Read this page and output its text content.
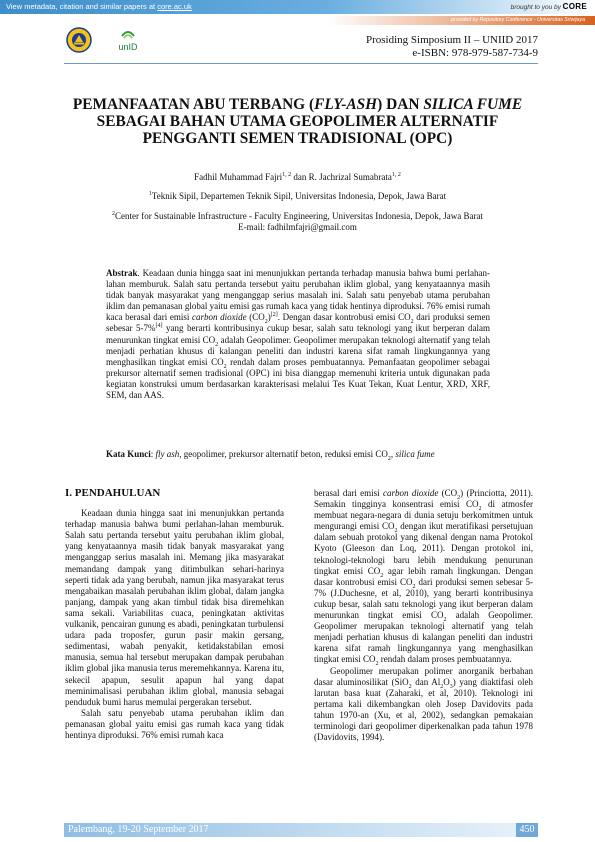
View metadata, citation and similar papers at core.ac.uk	brought to you by CORE
provided by Repository Conference - Universitas Sriwijaya
unID
Prosiding Simposium II – UNIID 2017
e-ISBN: 978-979-587-734-9
PEMANFAATAN ABU TERBANG (FLY-ASH) DAN SILICA FUME
SEBAGAI BAHAN UTAMA GEOPOLIMER ALTERNATIF
PENGGANTI SEMEN TRADISIONAL (OPC)
Fadhil Muhammad Fajri$^{1, 2}$ dan R. Jachrizal Sumabrata$^{1, 2}$
$^1$Teknik Sipil, Departemen Teknik Sipil, Universitas Indonesia, Depok, Jawa Barat
$^2$Center for Sustainable Infrastructure - Faculty Engineering, Universitas Indonesia, Depok, Jawa Barat
E-mail: fadhilmfajri@gmail.com
Abstrak. Keadaan dunia hingga saat ini menunjukkan pertanda terhadap manusia bahwa bumi perlahan-lahan memburuk. Salah satu pertanda tersebut yaitu perubahan iklim global, yang kenyataannya masih tidak banyak masyarakat yang menganggap serius masalah ini. Salah satu penyebab utama perubahan iklim dan pemanasan global yaitu emisi gas rumah kaca yang tidak hentinya diproduksi. 76% emisi rumah kaca berasal dari emisi carbon dioxide $(CO_2)[2]$. Dengan dasar kontrobusi emisi $CO_2$ dari produksi semen sebesar 5-7%[4] yang berarti kontribusinya cukup besar, salah satu teknologi yang ikut berperan dalam menurunkan tingkat emisi $CO_2$ adalah Geopolimer. Geopolimer merupakan teknologi alternatif yang telah menjadi perhatian khusus di kalangan peneliti dan industri karena sifat ramah lingkungannya yang menghasilkan tingkat emisi $CO_2$ rendah dalam proses pembuatannya. Pemanfaatan geopolimer sebagai prekursor alternatif semen tradisional (OPC) ini bisa dianggap memenuhi kriteria untuk digunakan pada kegiatan konstruksi umum berdasarkan karakterisasi melalui Tes Kuat Tekan, Kuat Lentur, XRD, XRF, SEM, dan AAS.
Kata Kunci: fly ash, geopolimer, prekursor alternatif beton, reduksi emisi $CO_2$, silica fume
I. PENDAHULUAN

Keadaan dunia hingga saat ini menunjukkan pertanda terhadap manusia bahwa bumi perlahan-lahan memburuk. Salah satu pertanda tersebut yaitu perubahan iklim global, yang kenyataannya masih tidak banyak masyarakat yang menganggap serius masalah ini. Memang jika masyarakat memandang dampak yang ditimbulkan sehari-harinya seperti tidak ada yang berubah, namun jika masyarakat terus mengabaikan masalah perubahan iklim global, dalam jangka panjang, dampak yang akan timbul tidak bisa diremehkan sama sekali. Variabilitas cuaca, peningkatan aktivitas vulkanik, pencairan gunung es abadi, peningkatan turbulensi udara pada troposfer, gurun pasir makin gersang, sedimentasi, wabah penyakit, ketidakstabilan emosi manusia, semua hal tersebut merupakan dampak perubahan iklim global jika manusia terus meremehkannya. Karena itu, sekecil apapun, sesulit apapun hal yang dapat meminimalisasi perubahan iklim global, manusia sebagai penduduk bumi harus memulai pergerakan tersebut.

Salah satu penyebab utama perubahan iklim dan pemanasan global yaitu emisi gas rumah kaca yang tidak hentinya diproduksi. 76% emisi rumah kaca

berasal dari emisi carbon dioxide $(CO_2)$ (Princiotta, 2011). Semakin tingginya konsentrasi emisi $CO_2$ di atmosfer membuat negara-negara di dunia setuju berkomitmen untuk mengurangi emisi $CO_2$ dengan ikut meratifikasi persetujuan dalam sebuah protokol yang dikenal dengan nama Protokol Kyoto (Gleeson dan Loq, 2011). Dengan protokol ini, teknologi-teknologi baru lebih mendukung penurunan tingkat emisi $CO_2$ agar lebih ramah lingkungan. Dengan dasar kontrobusi emisi $CO_2$ dari produksi semen sebesar 5-7% (J.Duchesne, et al, 2010), yang berarti kontribusinya cukup besar, salah satu teknologi yang ikut berperan dalam menurunkan tingkat emisi $CO_2$ adalah Geopolimer. Geopolimer merupakan teknologi alternatif yang telah menjadi perhatian khusus di kalangan peneliti dan industri karena sifat ramah lingkungannya yang menghasilkan tingkat emisi $CO_2$ rendah dalam proses pembuatannya.

Geopolimer merupakan polimer anorganik berbahan dasar aluminosilikat (SiO$_2$ dan $Al_2O_3$) yang diaktifasi oleh larutan basa kuat (Zaharaki, et al, 2010). Teknologi ini pertama kali dikembangkan oleh Josep Davidovits pada tahun 1970-an (Xu, et al, 2002), sedangkan pemakaian terminologi dari geopolimer diperkenalkan pada tahun 1978 (Davidovits, 1994).

Palembang, 19-20 September 2017	450
